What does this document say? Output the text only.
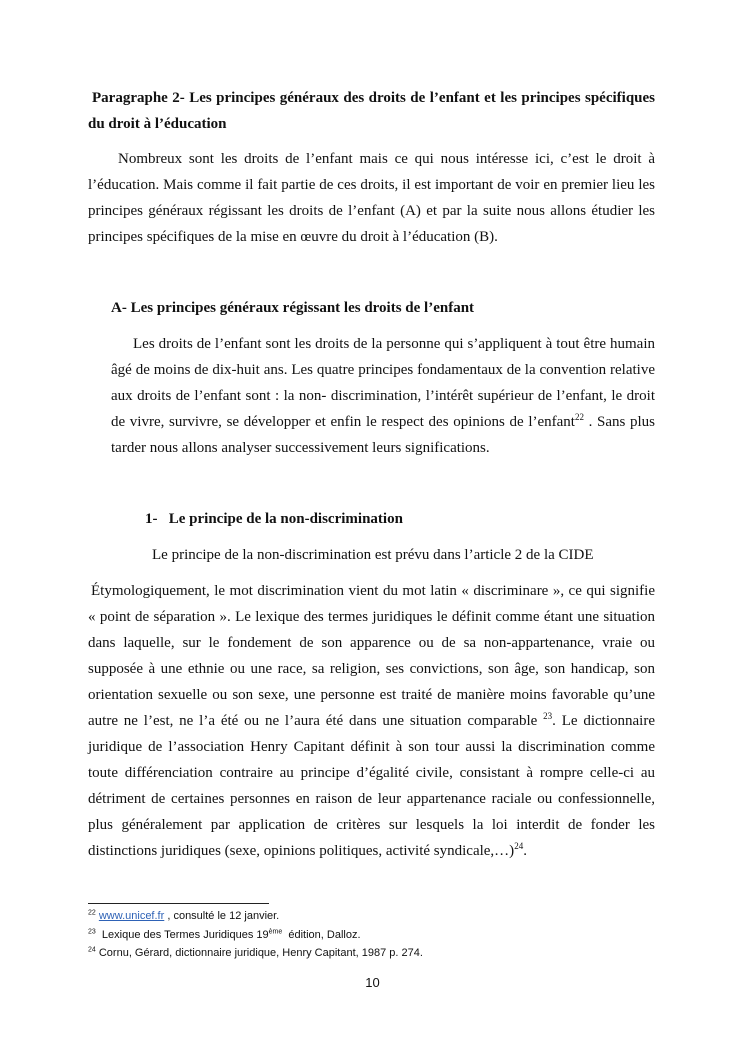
Paragraphe 2- Les principes généraux des droits de l’enfant et les principes spécifiques du droit à l’éducation
Nombreux sont les droits de l’enfant mais ce qui nous intéresse ici, c’est le droit à l’éducation. Mais comme il fait partie de ces droits, il est important de voir en premier lieu les principes généraux régissant les droits de l’enfant (A) et par la suite nous allons étudier les principes spécifiques de la mise en œuvre du droit à l’éducation (B).
A- Les principes généraux régissant les droits de l’enfant
Les droits de l’enfant sont les droits de la personne qui s’appliquent à tout être humain âgé de moins de dix-huit ans. Les quatre principes fondamentaux de la convention relative aux droits de l’enfant sont : la non- discrimination, l’intérêt supérieur de l’enfant, le droit de vivre, survivre, se développer et enfin le respect des opinions de l’enfant$^{22}$ . Sans plus tarder nous allons analyser successivement leurs significations.
1-   Le principe de la non-discrimination
Le principe de la non-discrimination est prévu dans l’article 2 de la CIDE
Étymologiquement, le mot discrimination vient du mot latin « discriminare », ce qui signifie « point de séparation ». Le lexique des termes juridiques le définit comme étant une situation dans laquelle, sur le fondement de son apparence ou de sa non-appartenance, vraie ou supposée à une ethnie ou une race, sa religion, ses convictions, son âge, son handicap, son orientation sexuelle ou son sexe, une personne est traité de manière moins favorable qu’une autre ne l’est, ne l’a été ou ne l’aura été dans une situation comparable $^{23}$. Le dictionnaire juridique de l’association Henry Capitant définit à son tour aussi la discrimination comme toute différenciation contraire au principe d’égalité civile, consistant à rompre celle-ci au détriment de certaines personnes en raison de leur appartenance raciale ou confessionnelle, plus généralement par application de critères sur lesquels la loi interdit de fonder les distinctions juridiques (sexe, opinions politiques, activité syndicale,…)$^{24}$.
$^{22}$ www.unicef.fr , consulté le 12 janvier.
$^{23}$  Lexique des Termes Juridiques 19ème  édition, Dalloz.
$^{24}$ Cornu, Gérard, dictionnaire juridique, Henry Capitant, 1987 p. 274.
10
